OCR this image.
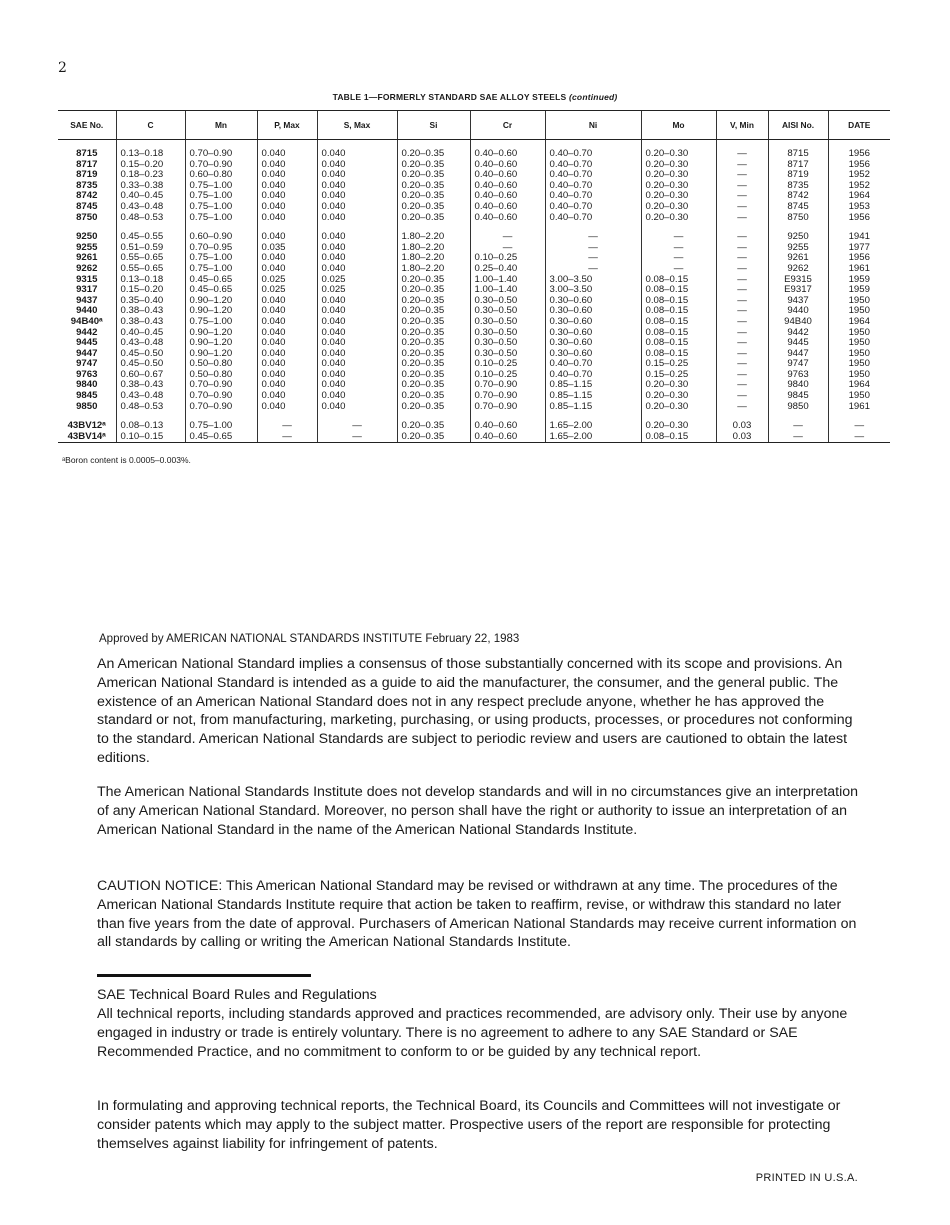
2
TABLE 1—FORMERLY STANDARD SAE ALLOY STEELS (continued)
SAE No.	C	Mn	P, Max	S, Max	Si	Cr	Ni	Mo	V, Min	AISI No.	DATE

8715	0.13–0.18	0.70–0.90	0.040	0.040	0.20–0.35	0.40–0.60	0.40–0.70	0.20–0.30	—	8715	1956
8717	0.15–0.20	0.70–0.90	0.040	0.040	0.20–0.35	0.40–0.60	0.40–0.70	0.20–0.30	—	8717	1956
8719	0.18–0.23	0.60–0.80	0.040	0.040	0.20–0.35	0.40–0.60	0.40–0.70	0.20–0.30	—	8719	1952
8735	0.33–0.38	0.75–1.00	0.040	0.040	0.20–0.35	0.40–0.60	0.40–0.70	0.20–0.30	—	8735	1952
8742	0.40–0.45	0.75–1.00	0.040	0.040	0.20–0.35	0.40–0.60	0.40–0.70	0.20–0.30	—	8742	1964
8745	0.43–0.48	0.75–1.00	0.040	0.040	0.20–0.35	0.40–0.60	0.40–0.70	0.20–0.30	—	8745	1953
8750	0.48–0.53	0.75–1.00	0.040	0.040	0.20–0.35	0.40–0.60	0.40–0.70	0.20–0.30	—	8750	1956

9250	0.45–0.55	0.60–0.90	0.040	0.040	1.80–2.20	—	—	—	—	9250	1941
9255	0.51–0.59	0.70–0.95	0.035	0.040	1.80–2.20	—	—	—	—	9255	1977
9261	0.55–0.65	0.75–1.00	0.040	0.040	1.80–2.20	0.10–0.25	—	—	—	9261	1956
9262	0.55–0.65	0.75–1.00	0.040	0.040	1.80–2.20	0.25–0.40	—	—	—	9262	1961
9315	0.13–0.18	0.45–0.65	0.025	0.025	0.20–0.35	1.00–1.40	3.00–3.50	0.08–0.15	—	E9315	1959
9317	0.15–0.20	0.45–0.65	0.025	0.025	0.20–0.35	1.00–1.40	3.00–3.50	0.08–0.15	—	E9317	1959
9437	0.35–0.40	0.90–1.20	0.040	0.040	0.20–0.35	0.30–0.50	0.30–0.60	0.08–0.15	—	9437	1950
9440	0.38–0.43	0.90–1.20	0.040	0.040	0.20–0.35	0.30–0.50	0.30–0.60	0.08–0.15	—	9440	1950
94B40ᵃ	0.38–0.43	0.75–1.00	0.040	0.040	0.20–0.35	0.30–0.50	0.30–0.60	0.08–0.15	—	94B40	1964
9442	0.40–0.45	0.90–1.20	0.040	0.040	0.20–0.35	0.30–0.50	0.30–0.60	0.08–0.15	—	9442	1950
9445	0.43–0.48	0.90–1.20	0.040	0.040	0.20–0.35	0.30–0.50	0.30–0.60	0.08–0.15	—	9445	1950
9447	0.45–0.50	0.90–1.20	0.040	0.040	0.20–0.35	0.30–0.50	0.30–0.60	0.08–0.15	—	9447	1950
9747	0.45–0.50	0.50–0.80	0.040	0.040	0.20–0.35	0.10–0.25	0.40–0.70	0.15–0.25	—	9747	1950
9763	0.60–0.67	0.50–0.80	0.040	0.040	0.20–0.35	0.10–0.25	0.40–0.70	0.15–0.25	—	9763	1950
9840	0.38–0.43	0.70–0.90	0.040	0.040	0.20–0.35	0.70–0.90	0.85–1.15	0.20–0.30	—	9840	1964
9845	0.43–0.48	0.70–0.90	0.040	0.040	0.20–0.35	0.70–0.90	0.85–1.15	0.20–0.30	—	9845	1950
9850	0.48–0.53	0.70–0.90	0.040	0.040	0.20–0.35	0.70–0.90	0.85–1.15	0.20–0.30	—	9850	1961

43BV12ᵃ	0.08–0.13	0.75–1.00	—	—	0.20–0.35	0.40–0.60	1.65–2.00	0.20–0.30	0.03	—	—
43BV14ᵃ	0.10–0.15	0.45–0.65	—	—	0.20–0.35	0.40–0.60	1.65–2.00	0.08–0.15	0.03	—	—
ᵃBoron content is 0.0005–0.003%.
Approved by AMERICAN NATIONAL STANDARDS INSTITUTE February 22, 1983
An American National Standard implies a consensus of those substantially concerned with its scope and provisions. An American National Standard is intended as a guide to aid the manufacturer, the consumer, and the general public. The existence of an American National Standard does not in any respect preclude anyone, whether he has approved the standard or not, from manufacturing, marketing, purchasing, or using products, processes, or procedures not conforming to the standard. American National Standards are subject to periodic review and users are cautioned to obtain the latest editions.
The American National Standards Institute does not develop standards and will in no circumstances give an interpretation of any American National Standard. Moreover, no person shall have the right or authority to issue an interpretation of an American National Standard in the name of the American National Standards Institute.
CAUTION NOTICE: This American National Standard may be revised or withdrawn at any time. The procedures of the American National Standards Institute require that action be taken to reaffirm, revise, or withdraw this standard no later than five years from the date of approval. Purchasers of American National Standards may receive current information on all standards by calling or writing the American National Standards Institute.
SAE Technical Board Rules and Regulations
All technical reports, including standards approved and practices recommended, are advisory only. Their use by anyone engaged in industry or trade is entirely voluntary. There is no agreement to adhere to any SAE Standard or SAE Recommended Practice, and no commitment to conform to or be guided by any technical report.
In formulating and approving technical reports, the Technical Board, its Councils and Committees will not investigate or consider patents which may apply to the subject matter. Prospective users of the report are responsible for protecting themselves against liability for infringement of patents.
PRINTED IN U.S.A.
